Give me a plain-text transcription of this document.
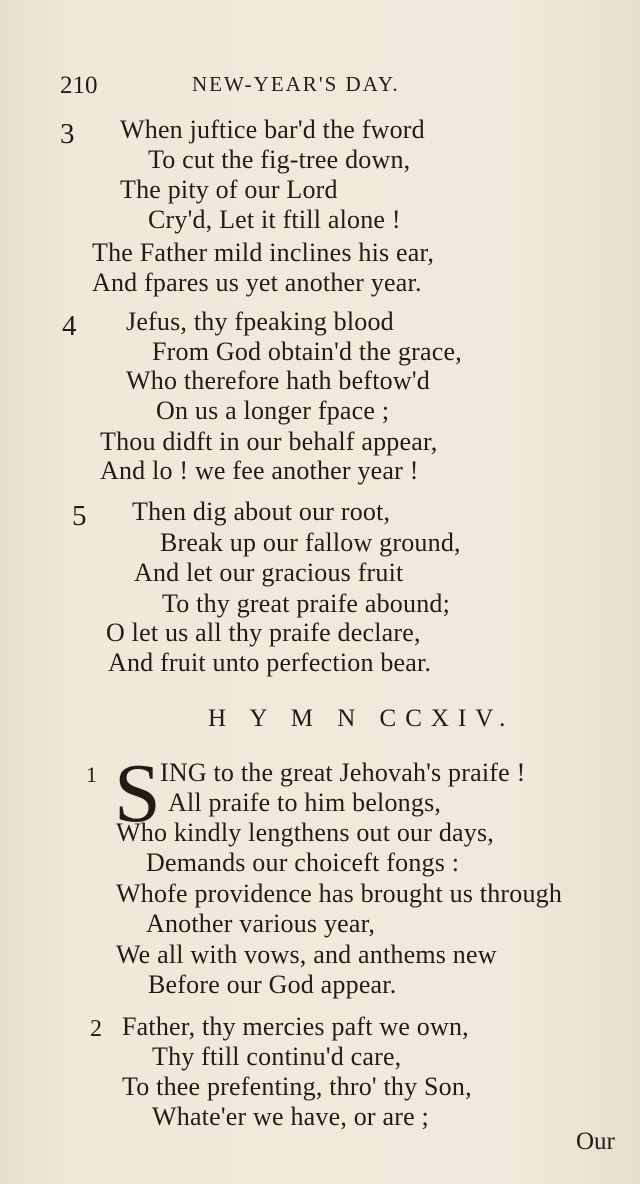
210	NEW-YEAR'S DAY.
3 When juftice bar'd the fword
To cut the fig-tree down,
The pity of our Lord
Cry'd, Let it ftill alone !
The Father mild inclines his ear,
And fpares us yet another year.
4 Jefus, thy fpeaking blood
From God obtain'd the grace,
Who therefore hath beftow'd
On us a longer fpace ;
Thou didft in our behalf appear,
And lo ! we fee another year !
5 Then dig about our root,
Break up our fallow ground,
And let our gracious fruit
To thy great praife abound;
O let us all thy praife declare,
And fruit unto perfection bear.
H Y M N CCXIV.
1 S ING to the great Jehovah's praife !
All praife to him belongs,
Who kindly lengthens out our days,
Demands our choiceft fongs :
Whofe providence has brought us through
Another various year,
We all with vows, and anthems new
Before our God appear.
2 Father, thy mercies paft we own,
Thy ftill continu'd care,
To thee prefenting, thro' thy Son,
Whate'er we have, or are ;
Our
